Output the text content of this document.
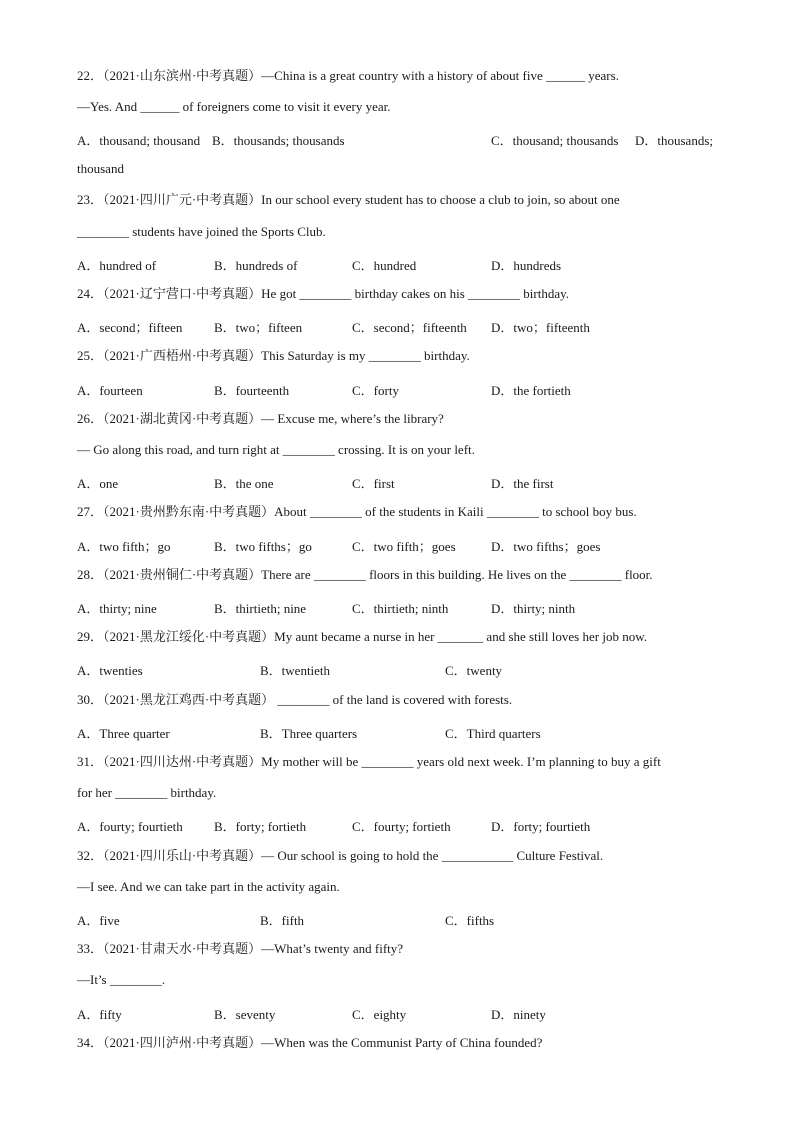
22．（2021·山东滨州·中考真题）—China is a great country with a history of about five ______ years.
—Yes. And ______ of foreigners come to visit it every year.
A．thousand; thousand B．thousands; thousands	C．thousand; thousands D．thousands;
thousand
23．（2021·四川广元·中考真题）In our school every student has to choose a club to join, so about one
________ students have joined the Sports Club.
A．hundred of	B．hundreds of	C．hundred	D．hundreds
24．（2021·辽宁营口·中考真题）He got ________ birthday cakes on his ________ birthday.
A．second；fifteen B．two；fifteen	C．second；fifteenth D．two；fifteenth
25．（2021·广西梧州·中考真题）This Saturday is my ________ birthday.
A．fourteen	B．fourteenth	C．forty	D．the fortieth
26．（2021·湖北黄冈·中考真题）— Excuse me, where’s the library?
— Go along this road, and turn right at ________ crossing. It is on your left.
A．one	B．the one	C．first	D．the first
27．（2021·贵州黔东南·中考真题）About ________ of the students in Kaili ________ to school boy bus.
A．two fifth；go	B．two fifths；go	C．two fifth；goes	D．two fifths；goes
28．（2021·贵州铜仁·中考真题）There are ________ floors in this building. He lives on the ________ floor.
A．thirty; nine	B．thirtieth; nine	C．thirtieth; ninth	D．thirty; ninth
29．（2021·黑龙江绥化·中考真题）My aunt became a nurse in her _______ and she still loves her job now.
A．twenties	B．twentieth	C．twenty
30．（2021·黑龙江鸡西·中考真题） ________ of the land is covered with forests.
A．Three quarter	B．Three quarters	C．Third quarters
31．（2021·四川达州·中考真题）My mother will be ________ years old next week. I’m planning to buy a gift
for her ________ birthday.
A．fourty; fourtieth B．forty; fortieth	C．fourty; fortieth	D．forty; fourtieth
32．（2021·四川乐山·中考真题）— Our school is going to hold the ___________ Culture Festival.
—I see. And we can take part in the activity again.
A．five	B．fifth	C．fifths
33．（2021·甘肃天水·中考真题）—What’s twenty and fifty?
—It’s ________.
A．fifty	B．seventy	C．eighty	D．ninety
34．（2021·四川泸州·中考真题）—When was the Communist Party of China founded?
